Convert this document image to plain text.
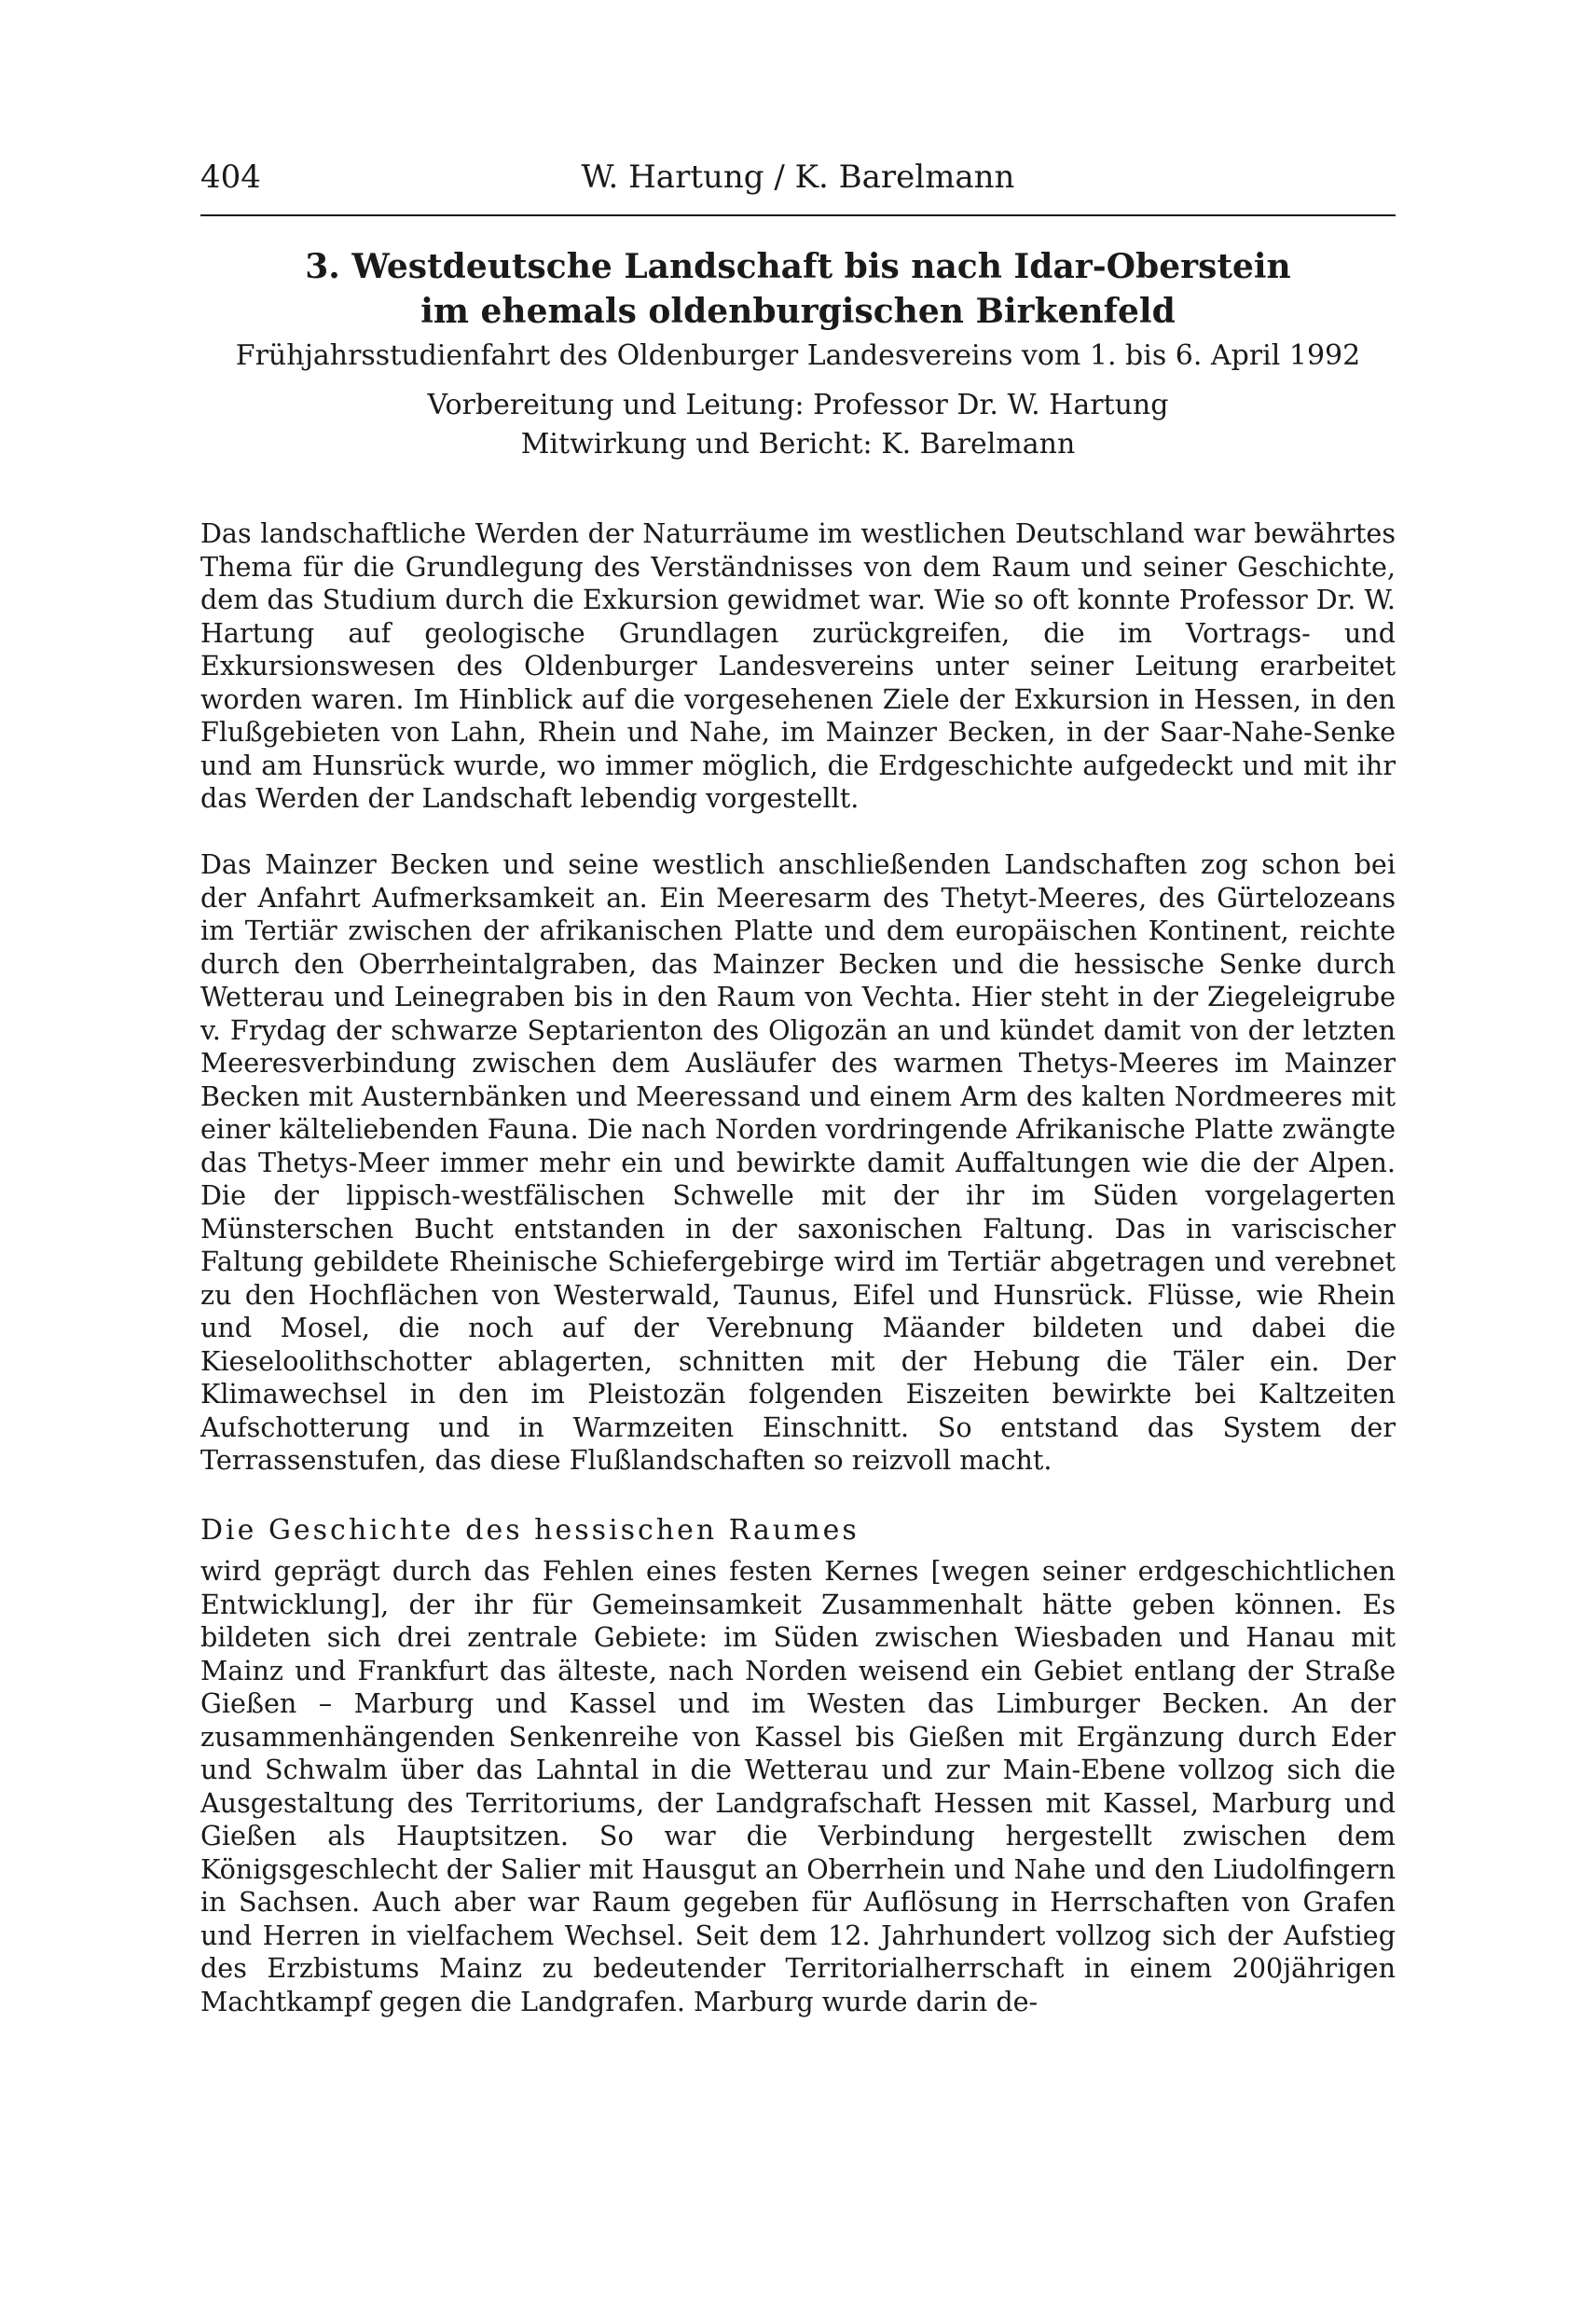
404	W. Hartung / K. Barelmann
3. Westdeutsche Landschaft bis nach Idar-Oberstein
im ehemals oldenburgischen Birkenfeld
Frühjahrsstudienfahrt des Oldenburger Landesvereins vom 1. bis 6. April 1992
Vorbereitung und Leitung: Professor Dr. W. Hartung
Mitwirkung und Bericht: K. Barelmann

Das landschaftliche Werden der Naturräume im westlichen Deutschland war bewährtes Thema für die Grundlegung des Verständnisses von dem Raum und seiner Geschichte, dem das Studium durch die Exkursion gewidmet war. Wie so oft konnte Professor Dr. W. Hartung auf geologische Grundlagen zurückgreifen, die im Vortrags- und Exkursionswesen des Oldenburger Landesvereins unter seiner Leitung erarbeitet worden waren. Im Hinblick auf die vorgesehenen Ziele der Exkursion in Hessen, in den Flußgebieten von Lahn, Rhein und Nahe, im Mainzer Becken, in der Saar-Nahe-Senke und am Hunsrück wurde, wo immer möglich, die Erdgeschichte aufgedeckt und mit ihr das Werden der Landschaft lebendig vorgestellt.

Das Mainzer Becken und seine westlich anschließenden Landschaften zog schon bei der Anfahrt Aufmerksamkeit an. Ein Meeresarm des Thetyt-Meeres, des Gürtelozeans im Tertiär zwischen der afrikanischen Platte und dem europäischen Kontinent, reichte durch den Oberrheintalgraben, das Mainzer Becken und die hessische Senke durch Wetterau und Leinegraben bis in den Raum von Vechta. Hier steht in der Ziegeleigrube v. Frydag der schwarze Septarienton des Oligozän an und kündet damit von der letzten Meeresverbindung zwischen dem Ausläufer des warmen Thetys-Meeres im Mainzer Becken mit Austernbänken und Meeressand und einem Arm des kalten Nordmeeres mit einer kälteliebenden Fauna. Die nach Norden vordringende Afrikanische Platte zwängte das Thetys-Meer immer mehr ein und bewirkte damit Auffaltungen wie die der Alpen. Die der lippisch-westfälischen Schwelle mit der ihr im Süden vorgelagerten Münsterschen Bucht entstanden in der saxonischen Faltung. Das in variscischer Faltung gebildete Rheinische Schiefergebirge wird im Tertiär abgetragen und verebnet zu den Hochflächen von Westerwald, Taunus, Eifel und Hunsrück. Flüsse, wie Rhein und Mosel, die noch auf der Verebnung Mäander bildeten und dabei die Kieseloolithschotter ablagerten, schnitten mit der Hebung die Täler ein. Der Klimawechsel in den im Pleistozän folgenden Eiszeiten bewirkte bei Kaltzeiten Aufschotterung und in Warmzeiten Einschnitt. So entstand das System der Terrassenstufen, das diese Flußlandschaften so reizvoll macht.

Die Geschichte des hessischen Raumes

wird geprägt durch das Fehlen eines festen Kernes [wegen seiner erdgeschichtlichen Entwicklung], der ihr für Gemeinsamkeit Zusammenhalt hätte geben können. Es bildeten sich drei zentrale Gebiete: im Süden zwischen Wiesbaden und Hanau mit Mainz und Frankfurt das älteste, nach Norden weisend ein Gebiet entlang der Straße Gießen – Marburg und Kassel und im Westen das Limburger Becken. An der zusammenhängenden Senkenreihe von Kassel bis Gießen mit Ergänzung durch Eder und Schwalm über das Lahntal in die Wetterau und zur Main-Ebene vollzog sich die Ausgestaltung des Territoriums, der Landgrafschaft Hessen mit Kassel, Marburg und Gießen als Hauptsitzen. So war die Verbindung hergestellt zwischen dem Königsgeschlecht der Salier mit Hausgut an Oberrhein und Nahe und den Liudolfingern in Sachsen. Auch aber war Raum gegeben für Auflösung in Herrschaften von Grafen und Herren in vielfachem Wechsel. Seit dem 12. Jahrhundert vollzog sich der Aufstieg des Erzbistums Mainz zu bedeutender Territorialherrschaft in einem 200jährigen Machtkampf gegen die Landgrafen. Marburg wurde darin de-
